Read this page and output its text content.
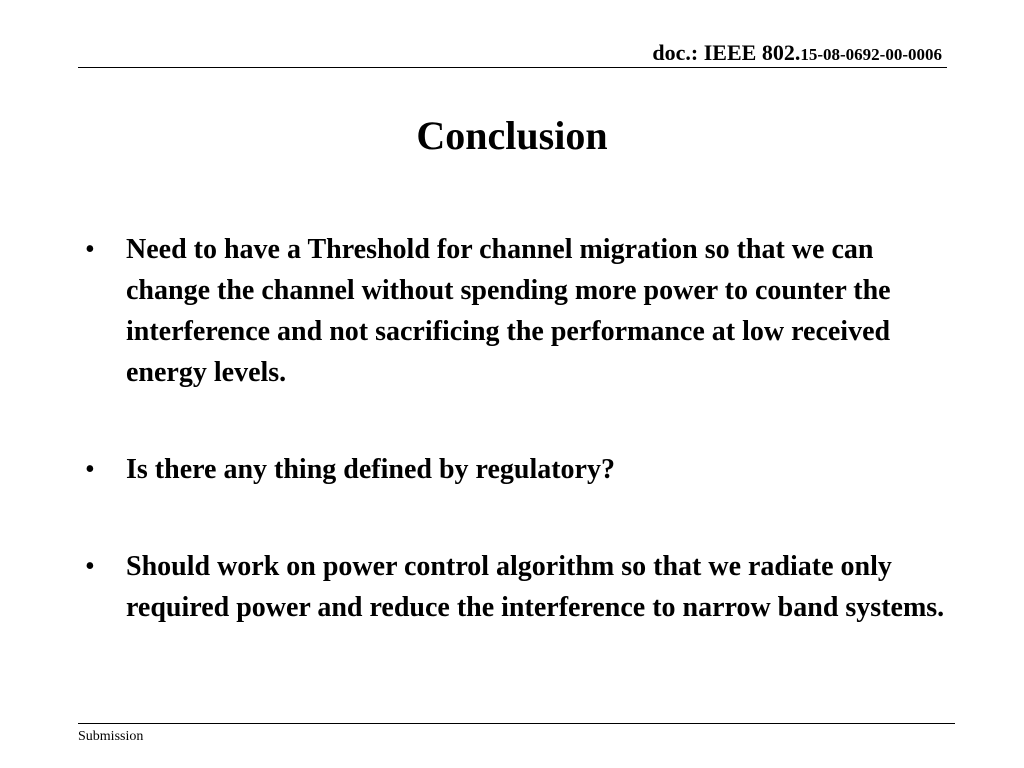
doc.: IEEE 802.15-08-0692-00-0006
Conclusion
• Need to have a Threshold for channel migration so that we can change the channel without spending more power to counter the interference and not sacrificing the performance at low received energy levels.
• Is there any thing defined by regulatory?
• Should work on power control algorithm so that we radiate only required power and reduce the interference to narrow band systems.
Submission
